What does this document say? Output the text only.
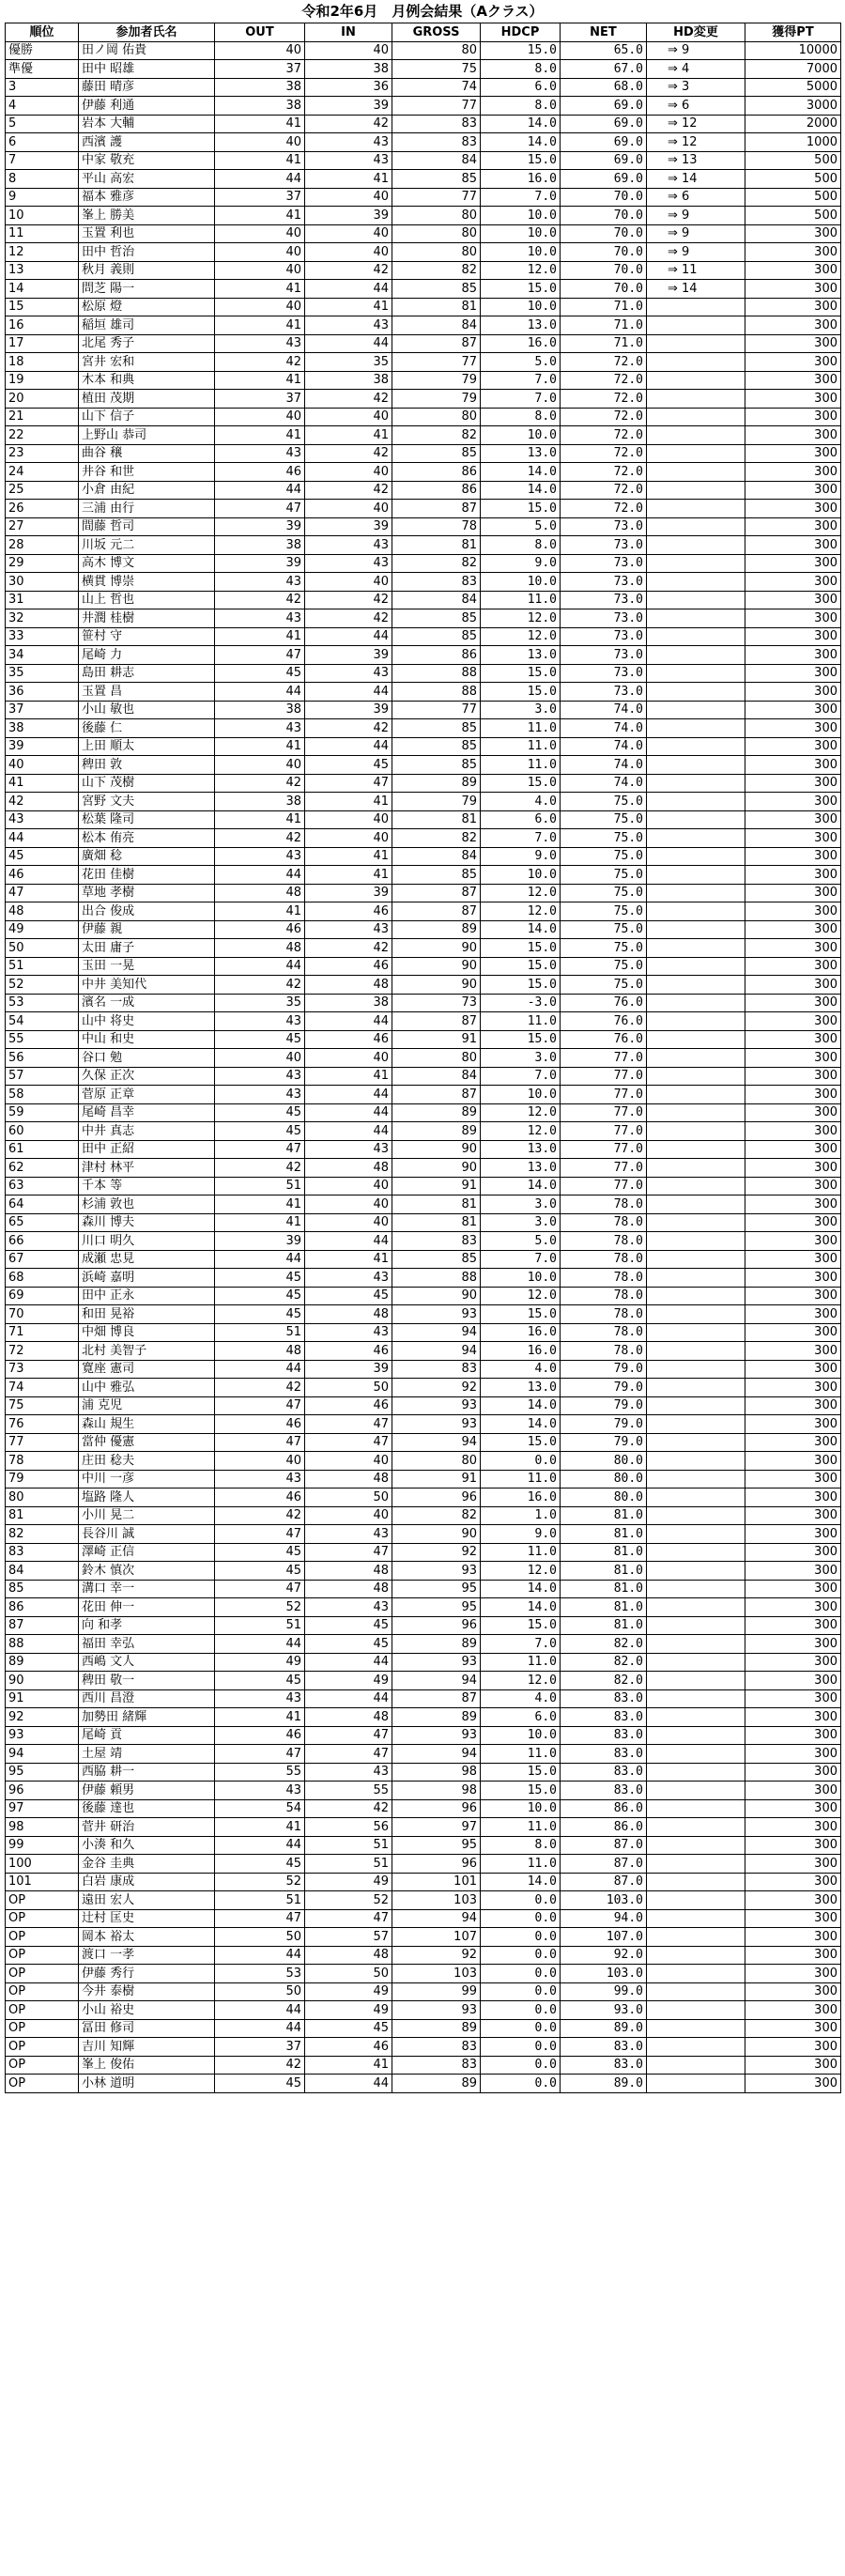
令和2年6月　月例会結果（Aクラス）
順位	参加者氏名	OUT	IN	GROSS	HDCP	NET	HD変更	獲得PT
優勝	田ノ岡 佑貴	40	40	80	15.0	65.0	⇒ 9	10000
準優	田中 昭雄	37	38	75	8.0	67.0	⇒ 4	7000
3	藤田 晴彦	38	36	74	6.0	68.0	⇒ 3	5000
4	伊藤 利通	38	39	77	8.0	69.0	⇒ 6	3000
5	岩本 大輔	41	42	83	14.0	69.0	⇒ 12	2000
6	西濱 護	40	43	83	14.0	69.0	⇒ 12	1000
7	中家 敬充	41	43	84	15.0	69.0	⇒ 13	500
8	平山 高宏	44	41	85	16.0	69.0	⇒ 14	500
9	福本 雅彦	37	40	77	7.0	70.0	⇒ 6	500
10	峯上 勝美	41	39	80	10.0	70.0	⇒ 9	500
11	玉置 利也	40	40	80	10.0	70.0	⇒ 9	300
12	田中 哲治	40	40	80	10.0	70.0	⇒ 9	300
13	秋月 義則	40	42	82	12.0	70.0	⇒ 11	300
14	問芝 陽一	41	44	85	15.0	70.0	⇒ 14	300
15	松原 燈	40	41	81	10.0	71.0		300
16	稲垣 雄司	41	43	84	13.0	71.0		300
17	北尾 秀子	43	44	87	16.0	71.0		300
18	宮井 宏和	42	35	77	5.0	72.0		300
19	木本 和典	41	38	79	7.0	72.0		300
20	植田 茂期	37	42	79	7.0	72.0		300
21	山下 信子	40	40	80	8.0	72.0		300
22	上野山 恭司	41	41	82	10.0	72.0		300
23	曲谷 穣	43	42	85	13.0	72.0		300
24	井谷 和世	46	40	86	14.0	72.0		300
25	小倉 由紀	44	42	86	14.0	72.0		300
26	三浦 由行	47	40	87	15.0	72.0		300
27	間藤 哲司	39	39	78	5.0	73.0		300
28	川坂 元二	38	43	81	8.0	73.0		300
29	高木 博文	39	43	82	9.0	73.0		300
30	横貫 博崇	43	40	83	10.0	73.0		300
31	山上 哲也	42	42	84	11.0	73.0		300
32	井潤 桂樹	43	42	85	12.0	73.0		300
33	笹村 守	41	44	85	12.0	73.0		300
34	尾崎 力	47	39	86	13.0	73.0		300
35	島田 耕志	45	43	88	15.0	73.0		300
36	玉置 昌	44	44	88	15.0	73.0		300
37	小山 敏也	38	39	77	3.0	74.0		300
38	後藤 仁	43	42	85	11.0	74.0		300
39	上田 順太	41	44	85	11.0	74.0		300
40	稗田 敦	40	45	85	11.0	74.0		300
41	山下 茂樹	42	47	89	15.0	74.0		300
42	宮野 文夫	38	41	79	4.0	75.0		300
43	松葉 隆司	41	40	81	6.0	75.0		300
44	松本 侑亮	42	40	82	7.0	75.0		300
45	廣畑 稔	43	41	84	9.0	75.0		300
46	花田 佳樹	44	41	85	10.0	75.0		300
47	草地 孝樹	48	39	87	12.0	75.0		300
48	出合 俊成	41	46	87	12.0	75.0		300
49	伊藤 親	46	43	89	14.0	75.0		300
50	太田 庸子	48	42	90	15.0	75.0		300
51	玉田 一晃	44	46	90	15.0	75.0		300
52	中井 美知代	42	48	90	15.0	75.0		300
53	濱名 一成	35	38	73	-3.0	76.0		300
54	山中 将史	43	44	87	11.0	76.0		300
55	中山 和史	45	46	91	15.0	76.0		300
56	谷口 勉	40	40	80	3.0	77.0		300
57	久保 正次	43	41	84	7.0	77.0		300
58	菅原 正章	43	44	87	10.0	77.0		300
59	尾崎 昌幸	45	44	89	12.0	77.0		300
60	中井 真志	45	44	89	12.0	77.0		300
61	田中 正紹	47	43	90	13.0	77.0		300
62	津村 林平	42	48	90	13.0	77.0		300
63	千本 等	51	40	91	14.0	77.0		300
64	杉浦 敦也	41	40	81	3.0	78.0		300
65	森川 博夫	41	40	81	3.0	78.0		300
66	川口 明久	39	44	83	5.0	78.0		300
67	成瀬 忠見	44	41	85	7.0	78.0		300
68	浜崎 嘉明	45	43	88	10.0	78.0		300
69	田中 正永	45	45	90	12.0	78.0		300
70	和田 晃裕	45	48	93	15.0	78.0		300
71	中畑 博良	51	43	94	16.0	78.0		300
72	北村 美智子	48	46	94	16.0	78.0		300
73	寛座 憲司	44	39	83	4.0	79.0		300
74	山中 雅弘	42	50	92	13.0	79.0		300
75	浦 克児	47	46	93	14.0	79.0		300
76	森山 規生	46	47	93	14.0	79.0		300
77	當仲 優憲	47	47	94	15.0	79.0		300
78	庄田 稔夫	40	40	80	0.0	80.0		300
79	中川 一彦	43	48	91	11.0	80.0		300
80	塩路 隆人	46	50	96	16.0	80.0		300
81	小川 晃二	42	40	82	1.0	81.0		300
82	長谷川 誠	47	43	90	9.0	81.0		300
83	澤崎 正信	45	47	92	11.0	81.0		300
84	鈴木 慎次	45	48	93	12.0	81.0		300
85	溝口 幸一	47	48	95	14.0	81.0		300
86	花田 伸一	52	43	95	14.0	81.0		300
87	向 和孝	51	45	96	15.0	81.0		300
88	福田 幸弘	44	45	89	7.0	82.0		300
89	西嶋 文人	49	44	93	11.0	82.0		300
90	稗田 敬一	45	49	94	12.0	82.0		300
91	西川 昌澄	43	44	87	4.0	83.0		300
92	加勢田 緒輝	41	48	89	6.0	83.0		300
93	尾崎 貢	46	47	93	10.0	83.0		300
94	土屋 靖	47	47	94	11.0	83.0		300
95	西脇 耕一	55	43	98	15.0	83.0		300
96	伊藤 頼男	43	55	98	15.0	83.0		300
97	後藤 達也	54	42	96	10.0	86.0		300
98	菅井 研治	41	56	97	11.0	86.0		300
99	小湊 和久	44	51	95	8.0	87.0		300
100	金谷 圭典	45	51	96	11.0	87.0		300
101	白岩 康成	52	49	101	14.0	87.0		300
OP	遠田 宏人	51	52	103	0.0	103.0		300
OP	辻村 匡史	47	47	94	0.0	94.0		300
OP	岡本 裕太	50	57	107	0.0	107.0		300
OP	渡口 一孝	44	48	92	0.0	92.0		300
OP	伊藤 秀行	53	50	103	0.0	103.0		300
OP	今井 泰樹	50	49	99	0.0	99.0		300
OP	小山 裕史	44	49	93	0.0	93.0		300
OP	冨田 修司	44	45	89	0.0	89.0		300
OP	吉川 知輝	37	46	83	0.0	83.0		300
OP	峯上 俊佑	42	41	83	0.0	83.0		300
OP	小林 道明	45	44	89	0.0	89.0		300
